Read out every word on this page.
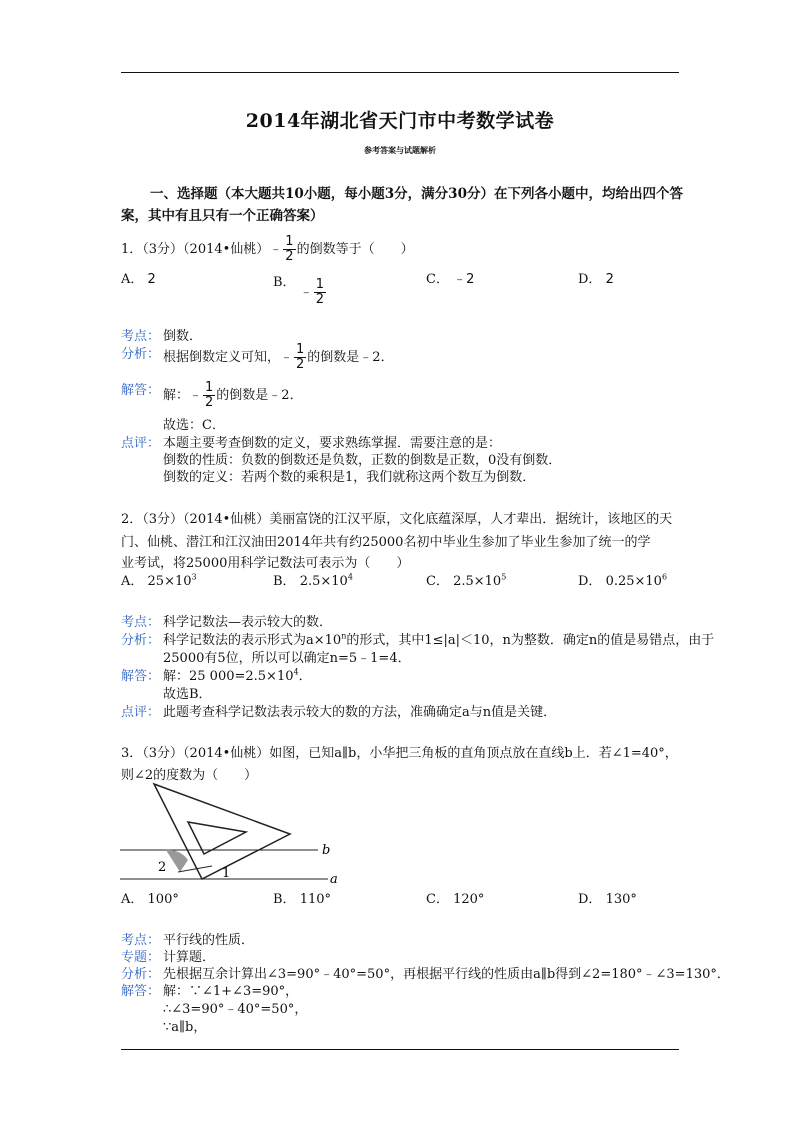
2014年湖北省天门市中考数学试卷
参考答案与试题解析
一、选择题（本大题共10小题，每小题3分，满分30分）在下列各小题中，均给出四个答
案，其中有且只有一个正确答案）
1．（3分）（2014•仙桃）﹣ $\frac{1}{2}$ 的倒数等于（　　）
A． 2	B． ﹣ $\frac{1}{2}$	C． ﹣2	D． 2
考点： 倒数．
分析： 根据倒数定义可知，﹣ $\frac{1}{2}$ 的倒数是﹣2．
解答： 解：﹣ $\frac{1}{2}$ 的倒数是﹣2．
故选：C．
点评： 本题主要考查倒数的定义，要求熟练掌握．需要注意的是：
倒数的性质：负数的倒数还是负数，正数的倒数是正数，0没有倒数．
倒数的定义：若两个数的乘积是1，我们就称这两个数互为倒数．
2．（3分）（2014•仙桃）美丽富饶的江汉平原，文化底蕴深厚，人才辈出．据统计，该地区的天
门、仙桃、潜江和江汉油田2014年共有约25000名初中毕业生参加了毕业生参加了统一的学
业考试，将25000用科学记数法可表示为（　　）
A． $25\times 10^3$	B． $2.5\times 10^4$	C． $2.5\times 10^5$	D． $0.25\times 10^6$
考点： 科学记数法—表示较大的数．
分析： 科学记数法的表示形式为$a\times 10^n$的形式，其中1≤|a|＜10，n为整数．确定n的值是易错点，由于
25000有5位，所以可以确定n=5﹣1=4．
解答： 解：25 $000=2.5\times 10^4$．
故选B．
点评： 此题考查科学记数法表示较大的数的方法，准确确定a与n值是关键．
3．（3分）（2014•仙桃）如图，已知a∥b，小华把三角板的直角顶点放在直线b上．若∠1=40°，
则∠2的度数为（　　）
b
a
2	1
A． 100°	B． 110°	C． 120°	D． 130°
考点： 平行线的性质．
专题： 计算题．
分析： 先根据互余计算出∠3=90°﹣40°=50°，再根据平行线的性质由a∥b得到∠2=180°﹣∠3=130°．
解答： 解：∵∠1+∠3=90°，
∴∠3=90°﹣40°=50°，
∵a∥b，
